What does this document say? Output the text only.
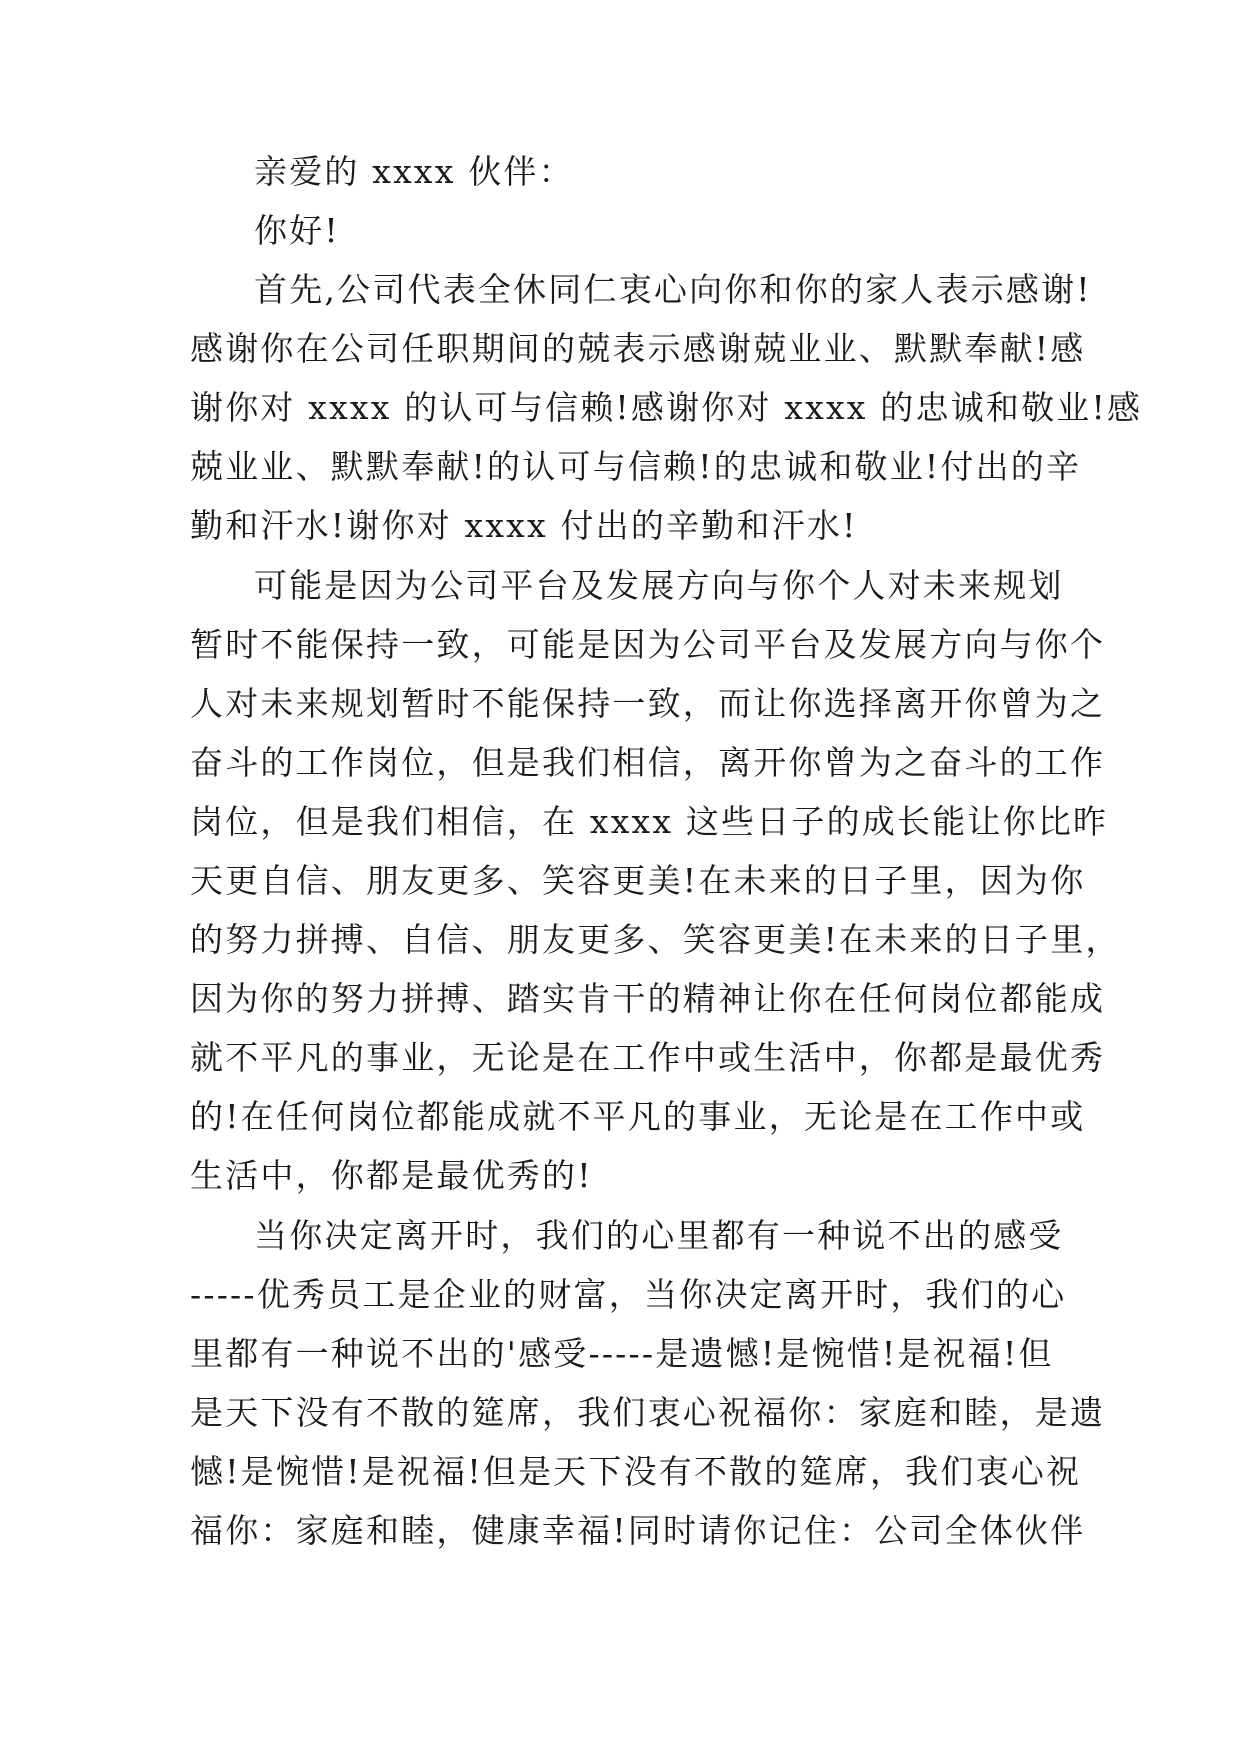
亲爱的 xxxx 伙伴：
你好!
首先,公司代表全休同仁衷心向你和你的家人表示感谢!
感谢你在公司任职期间的兢表示感谢兢业业、默默奉献!感
谢你对 xxxx 的认可与信赖!感谢你对 xxxx 的忠诚和敬业!感
兢业业、默默奉献!的认可与信赖!的忠诚和敬业!付出的辛
勤和汗水!谢你对 xxxx 付出的辛勤和汗水!
可能是因为公司平台及发展方向与你个人对未来规划
暂时不能保持一致，可能是因为公司平台及发展方向与你个
人对未来规划暂时不能保持一致，而让你选择离开你曾为之
奋斗的工作岗位，但是我们相信，离开你曾为之奋斗的工作
岗位，但是我们相信，在 xxxx 这些日子的成长能让你比昨
天更自信、朋友更多、笑容更美!在未来的日子里，因为你
的努力拼搏、自信、朋友更多、笑容更美!在未来的日子里，
因为你的努力拼搏、踏实肯干的精神让你在任何岗位都能成
就不平凡的事业，无论是在工作中或生活中，你都是最优秀
的!在任何岗位都能成就不平凡的事业，无论是在工作中或
生活中，你都是最优秀的!
当你决定离开时，我们的心里都有一种说不出的感受
-----优秀员工是企业的财富，当你决定离开时，我们的心
里都有一种说不出的'感受-----是遗憾!是惋惜!是祝福!但
是天下没有不散的筵席，我们衷心祝福你：家庭和睦，是遗
憾!是惋惜!是祝福!但是天下没有不散的筵席，我们衷心祝
福你：家庭和睦，健康幸福!同时请你记住：公司全体伙伴
